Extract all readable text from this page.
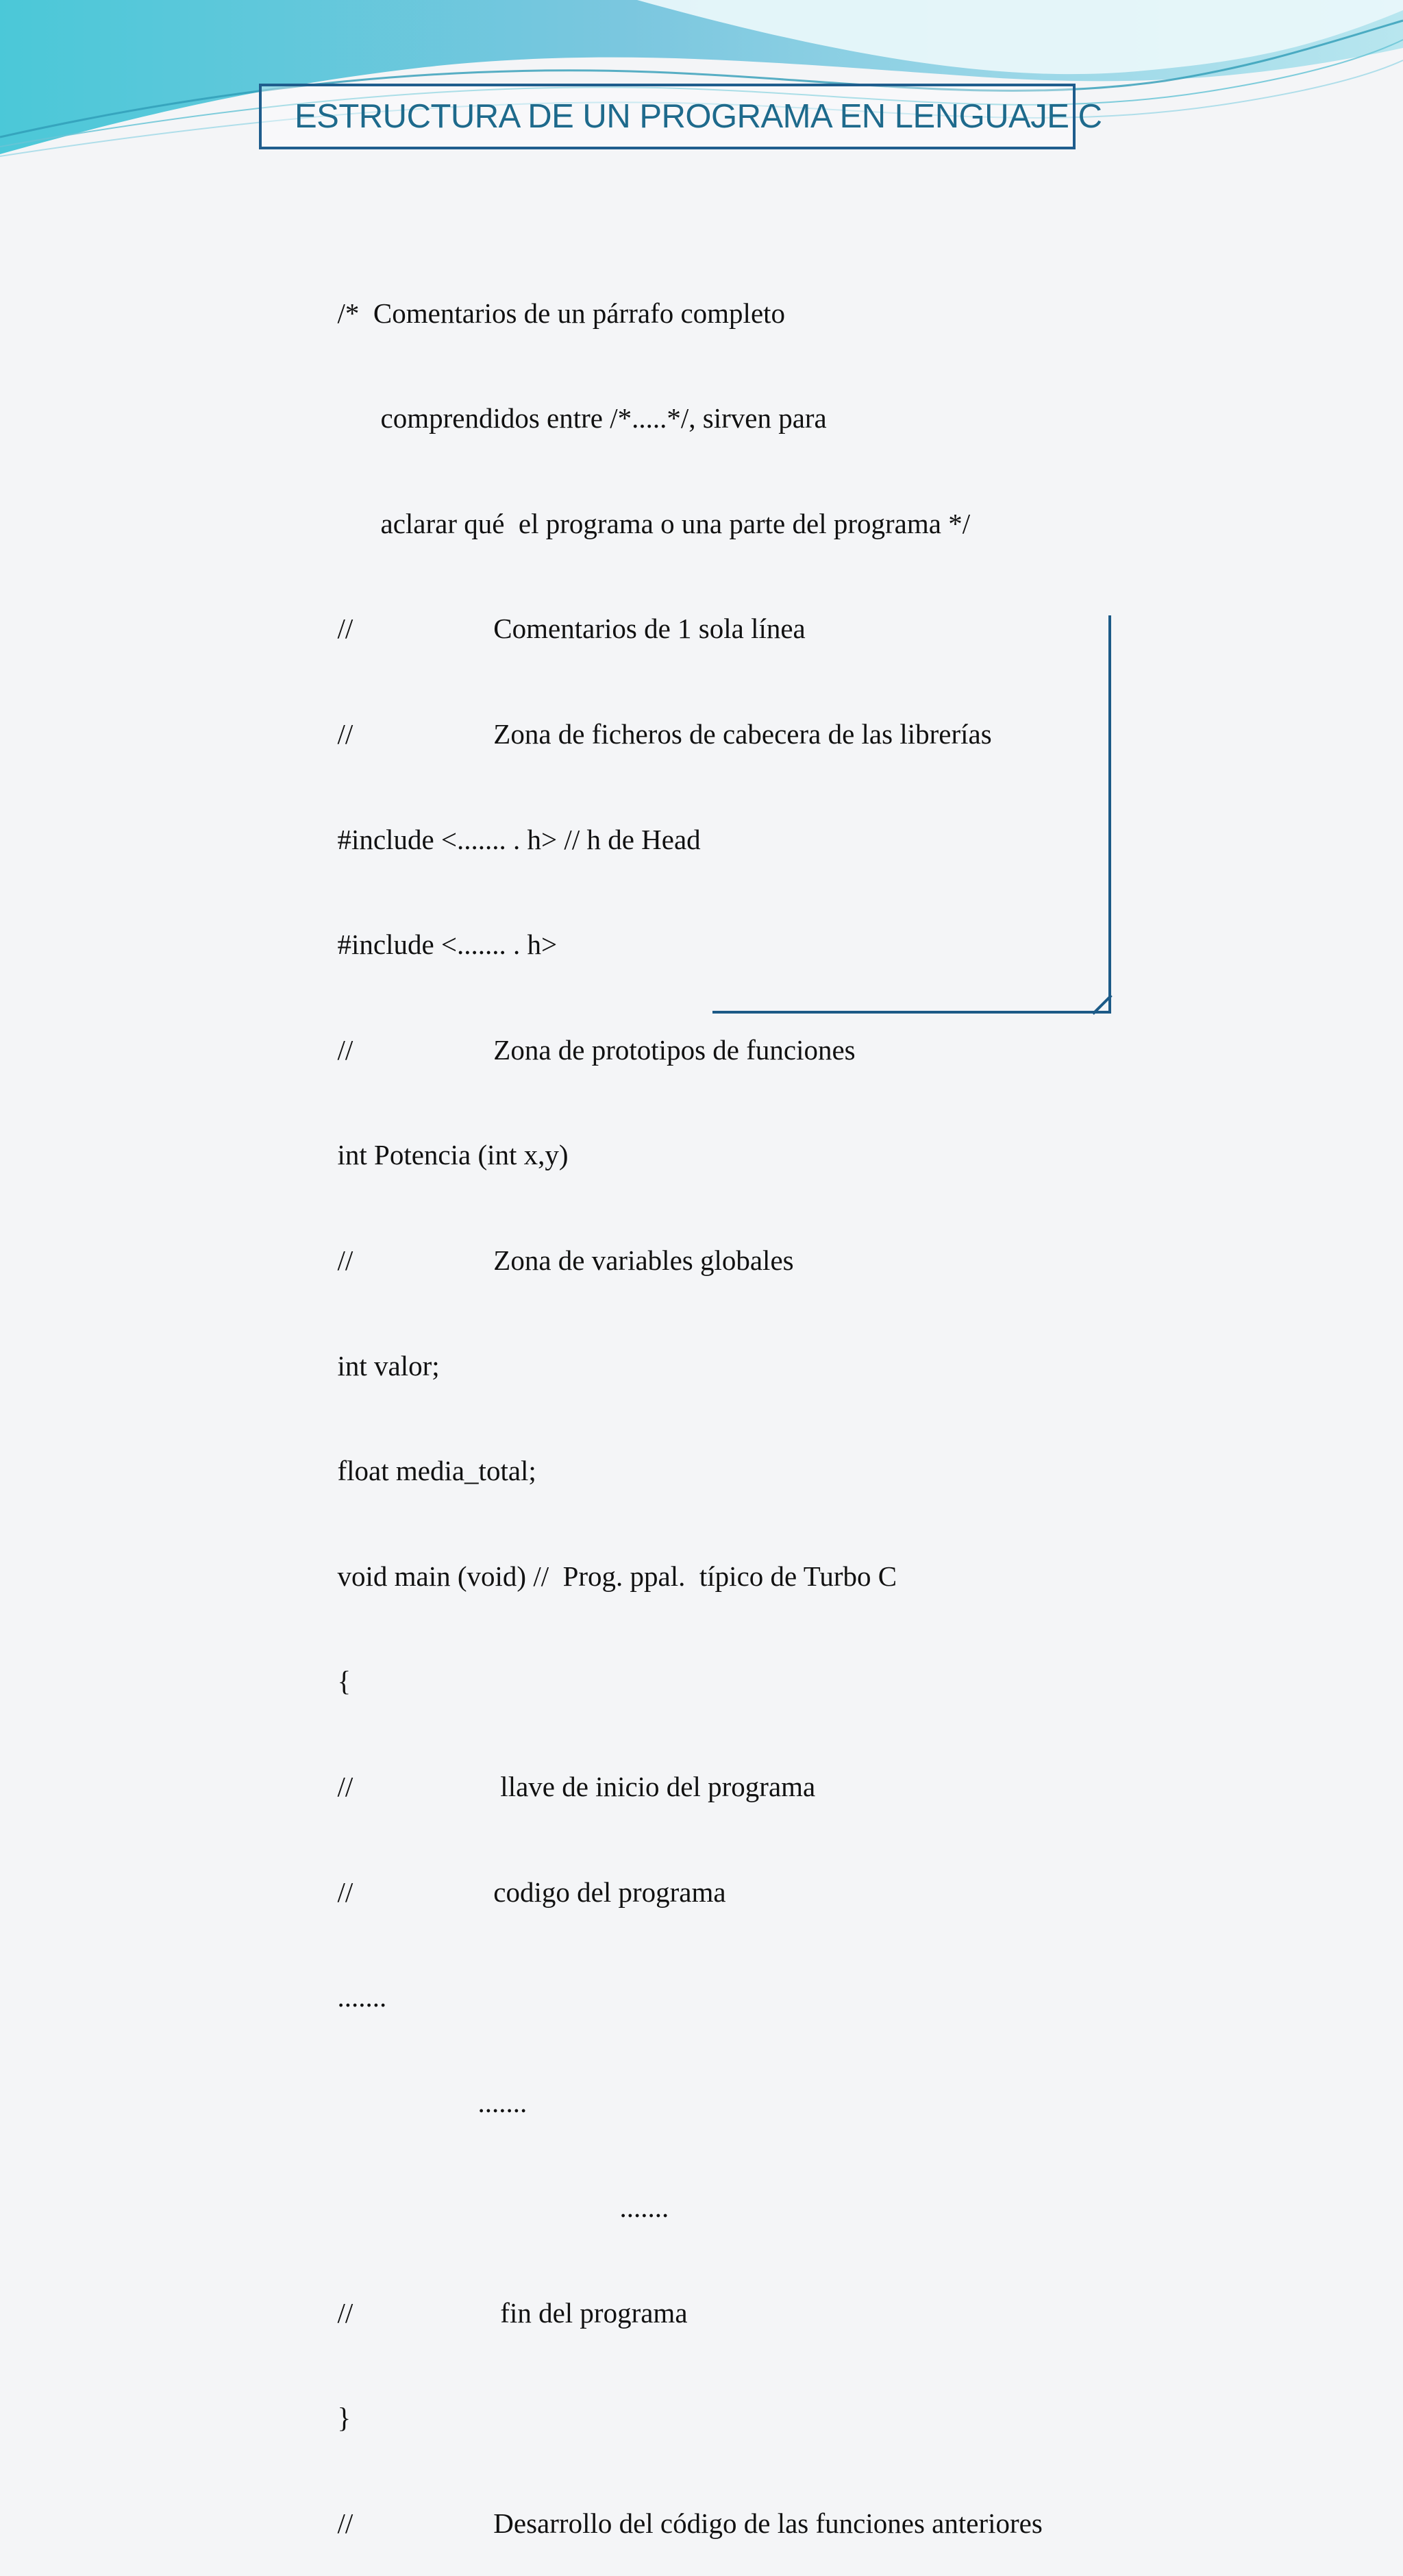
ESTRUCTURA DE UN PROGRAMA EN LENGUAJE C

/*  Comentarios de un párrafo completo

comprendidos entre /*.....*/, sirven para

aclarar qué  el programa o una parte del programa */

//	Comentarios de 1 sola línea

//	Zona de ficheros de cabecera de las librerías

#include <....... . h> // h de Head

#include <....... . h>

//	Zona de prototipos de funciones

int Potencia (int x,y)

//	Zona de variables globales

int valor;

float media_total;

void main (void) //  Prog. ppal.  típico de Turbo C

{

//	llave de inicio del programa

//	codigo del programa

.......

.......

.......

//	fin del programa

}

//	Desarrollo del código de las funciones anteriores
